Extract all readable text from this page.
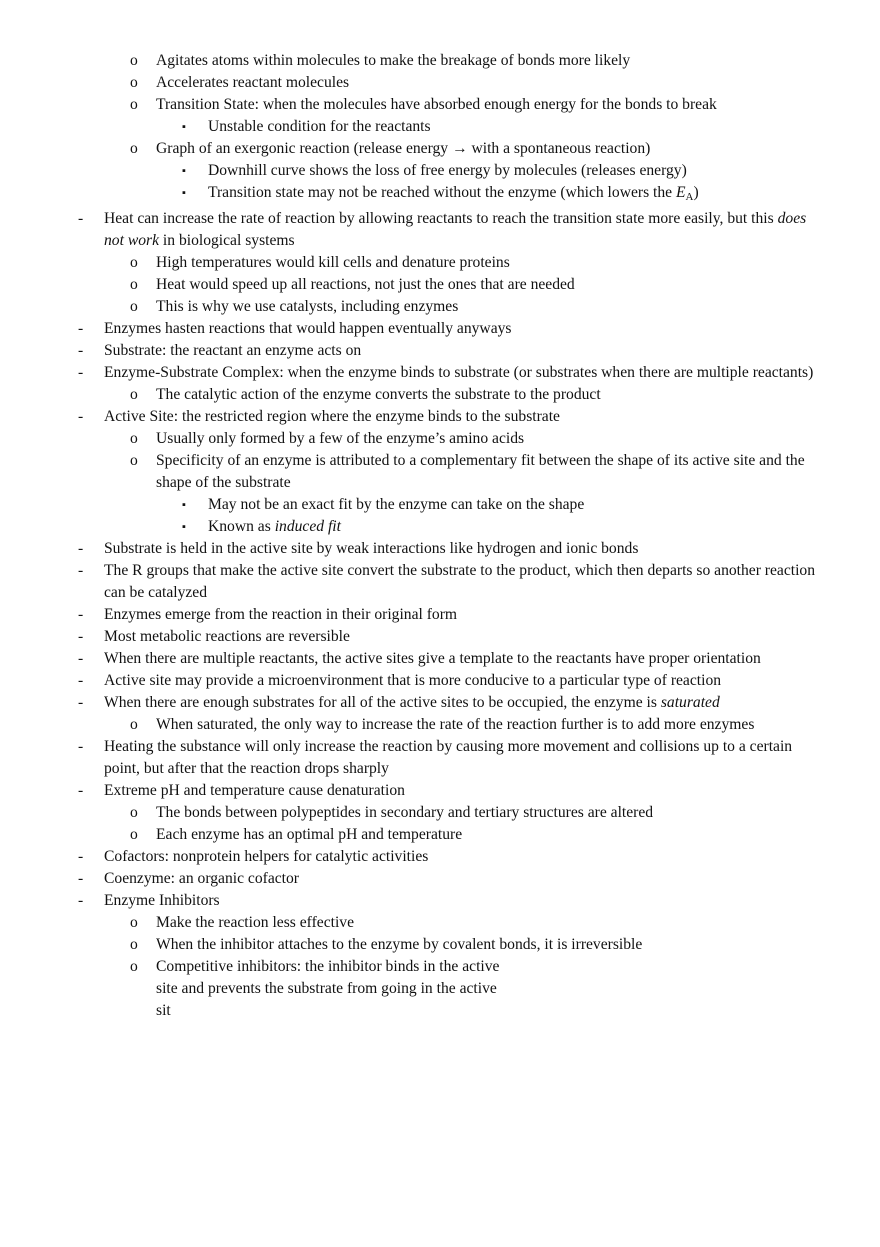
o Agitates atoms within molecules to make the breakage of bonds more likely
o Accelerates reactant molecules
o Transition State: when the molecules have absorbed enough energy for the bonds to break
▪ Unstable condition for the reactants
o Graph of an exergonic reaction (release energy → with a spontaneous reaction)
▪ Downhill curve shows the loss of free energy by molecules (releases energy)
▪ Transition state may not be reached without the enzyme (which lowers the $E_A$)
- Heat can increase the rate of reaction by allowing reactants to reach the transition state more easily, but this does not work in biological systems
o High temperatures would kill cells and denature proteins
o Heat would speed up all reactions, not just the ones that are needed
o This is why we use catalysts, including enzymes
- Enzymes hasten reactions that would happen eventually anyways
- Substrate: the reactant an enzyme acts on
- Enzyme-Substrate Complex: when the enzyme binds to substrate (or substrates when there are multiple reactants)
o The catalytic action of the enzyme converts the substrate to the product
- Active Site: the restricted region where the enzyme binds to the substrate
o Usually only formed by a few of the enzyme’s amino acids
o Specificity of an enzyme is attributed to a complementary fit between the shape of its active site and the shape of the substrate
▪ May not be an exact fit by the enzyme can take on the shape
▪ Known as induced fit
- Substrate is held in the active site by weak interactions like hydrogen and ionic bonds
- The R groups that make the active site convert the substrate to the product, which then departs so another reaction can be catalyzed
- Enzymes emerge from the reaction in their original form
- Most metabolic reactions are reversible
- When there are multiple reactants, the active sites give a template to the reactants have proper orientation
- Active site may provide a microenvironment that is more conducive to a particular type of reaction
- When there are enough substrates for all of the active sites to be occupied, the enzyme is saturated
o When saturated, the only way to increase the rate of the reaction further is to add more enzymes
- Heating the substance will only increase the reaction by causing more movement and collisions up to a certain point, but after that the reaction drops sharply
- Extreme pH and temperature cause denaturation
o The bonds between polypeptides in secondary and tertiary structures are altered
o Each enzyme has an optimal pH and temperature
- Cofactors: nonprotein helpers for catalytic activities
- Coenzyme: an organic cofactor
- Enzyme Inhibitors
o Make the reaction less effective
o When the inhibitor attaches to the enzyme by covalent bonds, it is irreversible
o Competitive inhibitors: the inhibitor binds in the active site and prevents the substrate from going in the active sit
